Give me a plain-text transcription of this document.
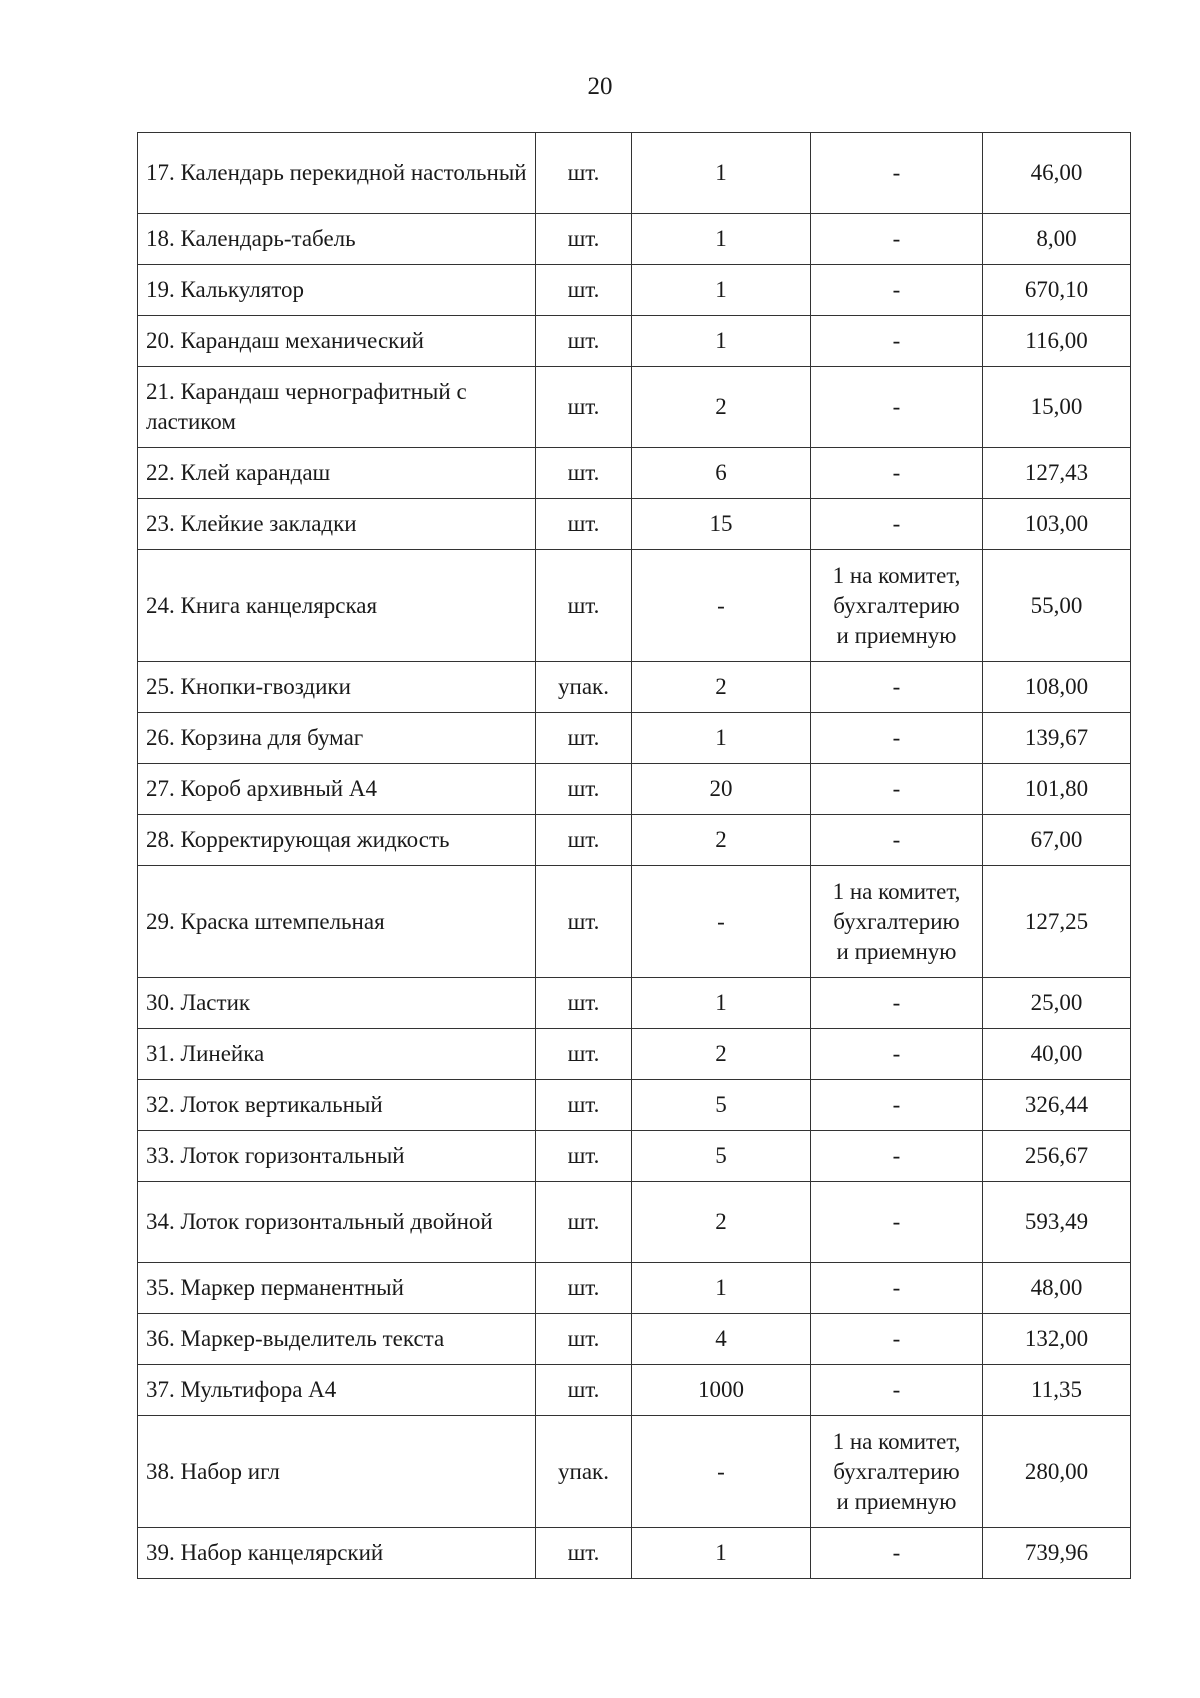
20
17. Календарь перекидной настольный	шт.	1	-	46,00
18. Календарь-табель	шт.	1	-	8,00
19. Калькулятор	шт.	1	-	670,10
20. Карандаш механический	шт.	1	-	116,00
21. Карандаш чернографитный с ластиком	шт.	2	-	15,00
22. Клей карандаш	шт.	6	-	127,43
23. Клейкие закладки	шт.	15	-	103,00
24. Книга канцелярская	шт.	-	1 на комитет,
бухгалтерию
и приемную	55,00
25. Кнопки-гвоздики	упак.	2	-	108,00
26. Корзина для бумаг	шт.	1	-	139,67
27. Короб архивный А4	шт.	20	-	101,80
28. Корректирующая жидкость	шт.	2	-	67,00
29. Краска штемпельная	шт.	-	1 на комитет,
бухгалтерию
и приемную	127,25
30. Ластик	шт.	1	-	25,00
31. Линейка	шт.	2	-	40,00
32. Лоток вертикальный	шт.	5	-	326,44
33. Лоток горизонтальный	шт.	5	-	256,67
34. Лоток горизонтальный двойной	шт.	2	-	593,49
35. Маркер перманентный	шт.	1	-	48,00
36. Маркер-выделитель текста	шт.	4	-	132,00
37. Мультифора А4	шт.	1000	-	11,35
38. Набор игл	упак.	-	1 на комитет,
бухгалтерию
и приемную	280,00
39. Набор канцелярский	шт.	1	-	739,96
